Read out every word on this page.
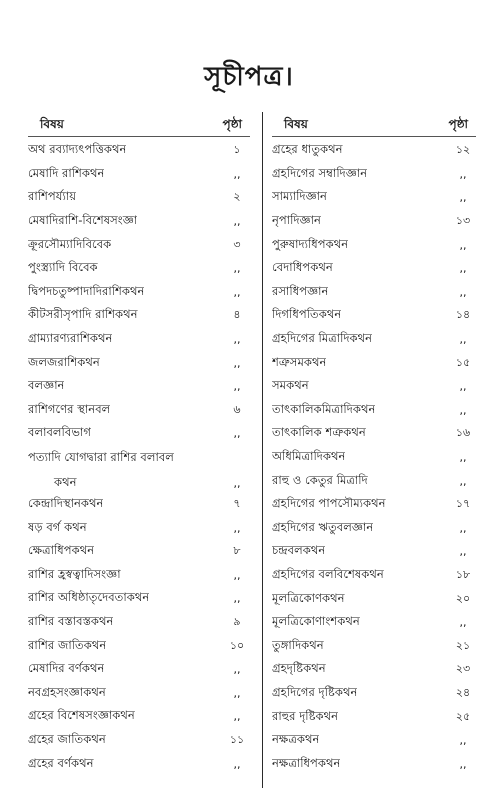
সূচীপত্র।
বিষয়	পৃষ্ঠা
অথ রব্যাদ্যৎপত্তিকথন	১
মেষাদি রাশিকথন	,,
রাশিপর্য্যায়	২
মেষাদিরাশি-বিশেষসংজ্ঞা	,,
ক্রূরসৌম্যাদিবিবেক	৩
পুংস্ত্র্যাদি বিবেক	,,
দ্বিপদচতুষ্পাদাদিরাশিকথন	,,
কীটসরীসৃপাদি রাশিকথন	৪
গ্রাম্যারণ্যরাশিকথন	,,
জলজরাশিকথন	,,
বলজ্ঞান	,,
রাশিগণের স্থানবল	৬
বলাবলবিভাগ	,,
পত্যাদি যোগদ্বারা রাশির বলাবল
কথন	,,
কেন্দ্রাদিস্থানকথন	৭
ষড় বর্গ কথন	,,
ক্ষেত্রাধিপকথন	৮
রাশির হ্রস্বত্বাদিসংজ্ঞা	,,
রাশির অধিষ্ঠাতৃদেবতাকথন	,,
রাশির বস্তাবস্তকথন	৯
রাশির জাতিকথন	১০
মেষাদির বর্ণকথন	,,
নবগ্রহসংজ্ঞাকথন	,,
গ্রহের বিশেষসংজ্ঞাকথন	,,
গ্রহের জাতিকথন	১১
গ্রহের বর্ণকথন	,,
বিষয়	পৃষ্ঠা
গ্রহের ধাতুকথন	১২
গ্রহদিগের সম্বাদিজ্ঞান	,,
সাম্যাদিজ্ঞান	,,
নৃপাদিজ্ঞান	১৩
পুরুষাদ্যধিপকথন	,,
বেদাধিপকথন	,,
রসাধিপজ্ঞান	,,
দিগধিপতিকথন	১৪
গ্রহদিগের মিত্রাদিকথন	,,
শত্রুসমকথন	১৫
সমকথন	,,
তাৎকালিকমিত্রাদিকথন	,,
তাৎকালিক শত্রুকথন	১৬
অধিমিত্রাদিকথন	,,
রাহু ও কেতুর মিত্রাদি	,,
গ্রহদিগের পাপসৌম্যকথন	১৭
গ্রহদিগের ঋতুবলজ্ঞান	,,
চন্দ্রবলকথন	,,
গ্রহদিগের বলবিশেষকথন	১৮
মূলত্রিকোণকথন	২০
মূলত্রিকোণাংশকথন	,,
তুঙ্গাদিকথন	২১
গ্রহদৃষ্টিকথন	২৩
গ্রহদিগের দৃষ্টিকথন	২৪
রাহুর দৃষ্টিকথন	২৫
নক্ষত্রকথন	,,
নক্ষত্রাধিপকথন	,,
